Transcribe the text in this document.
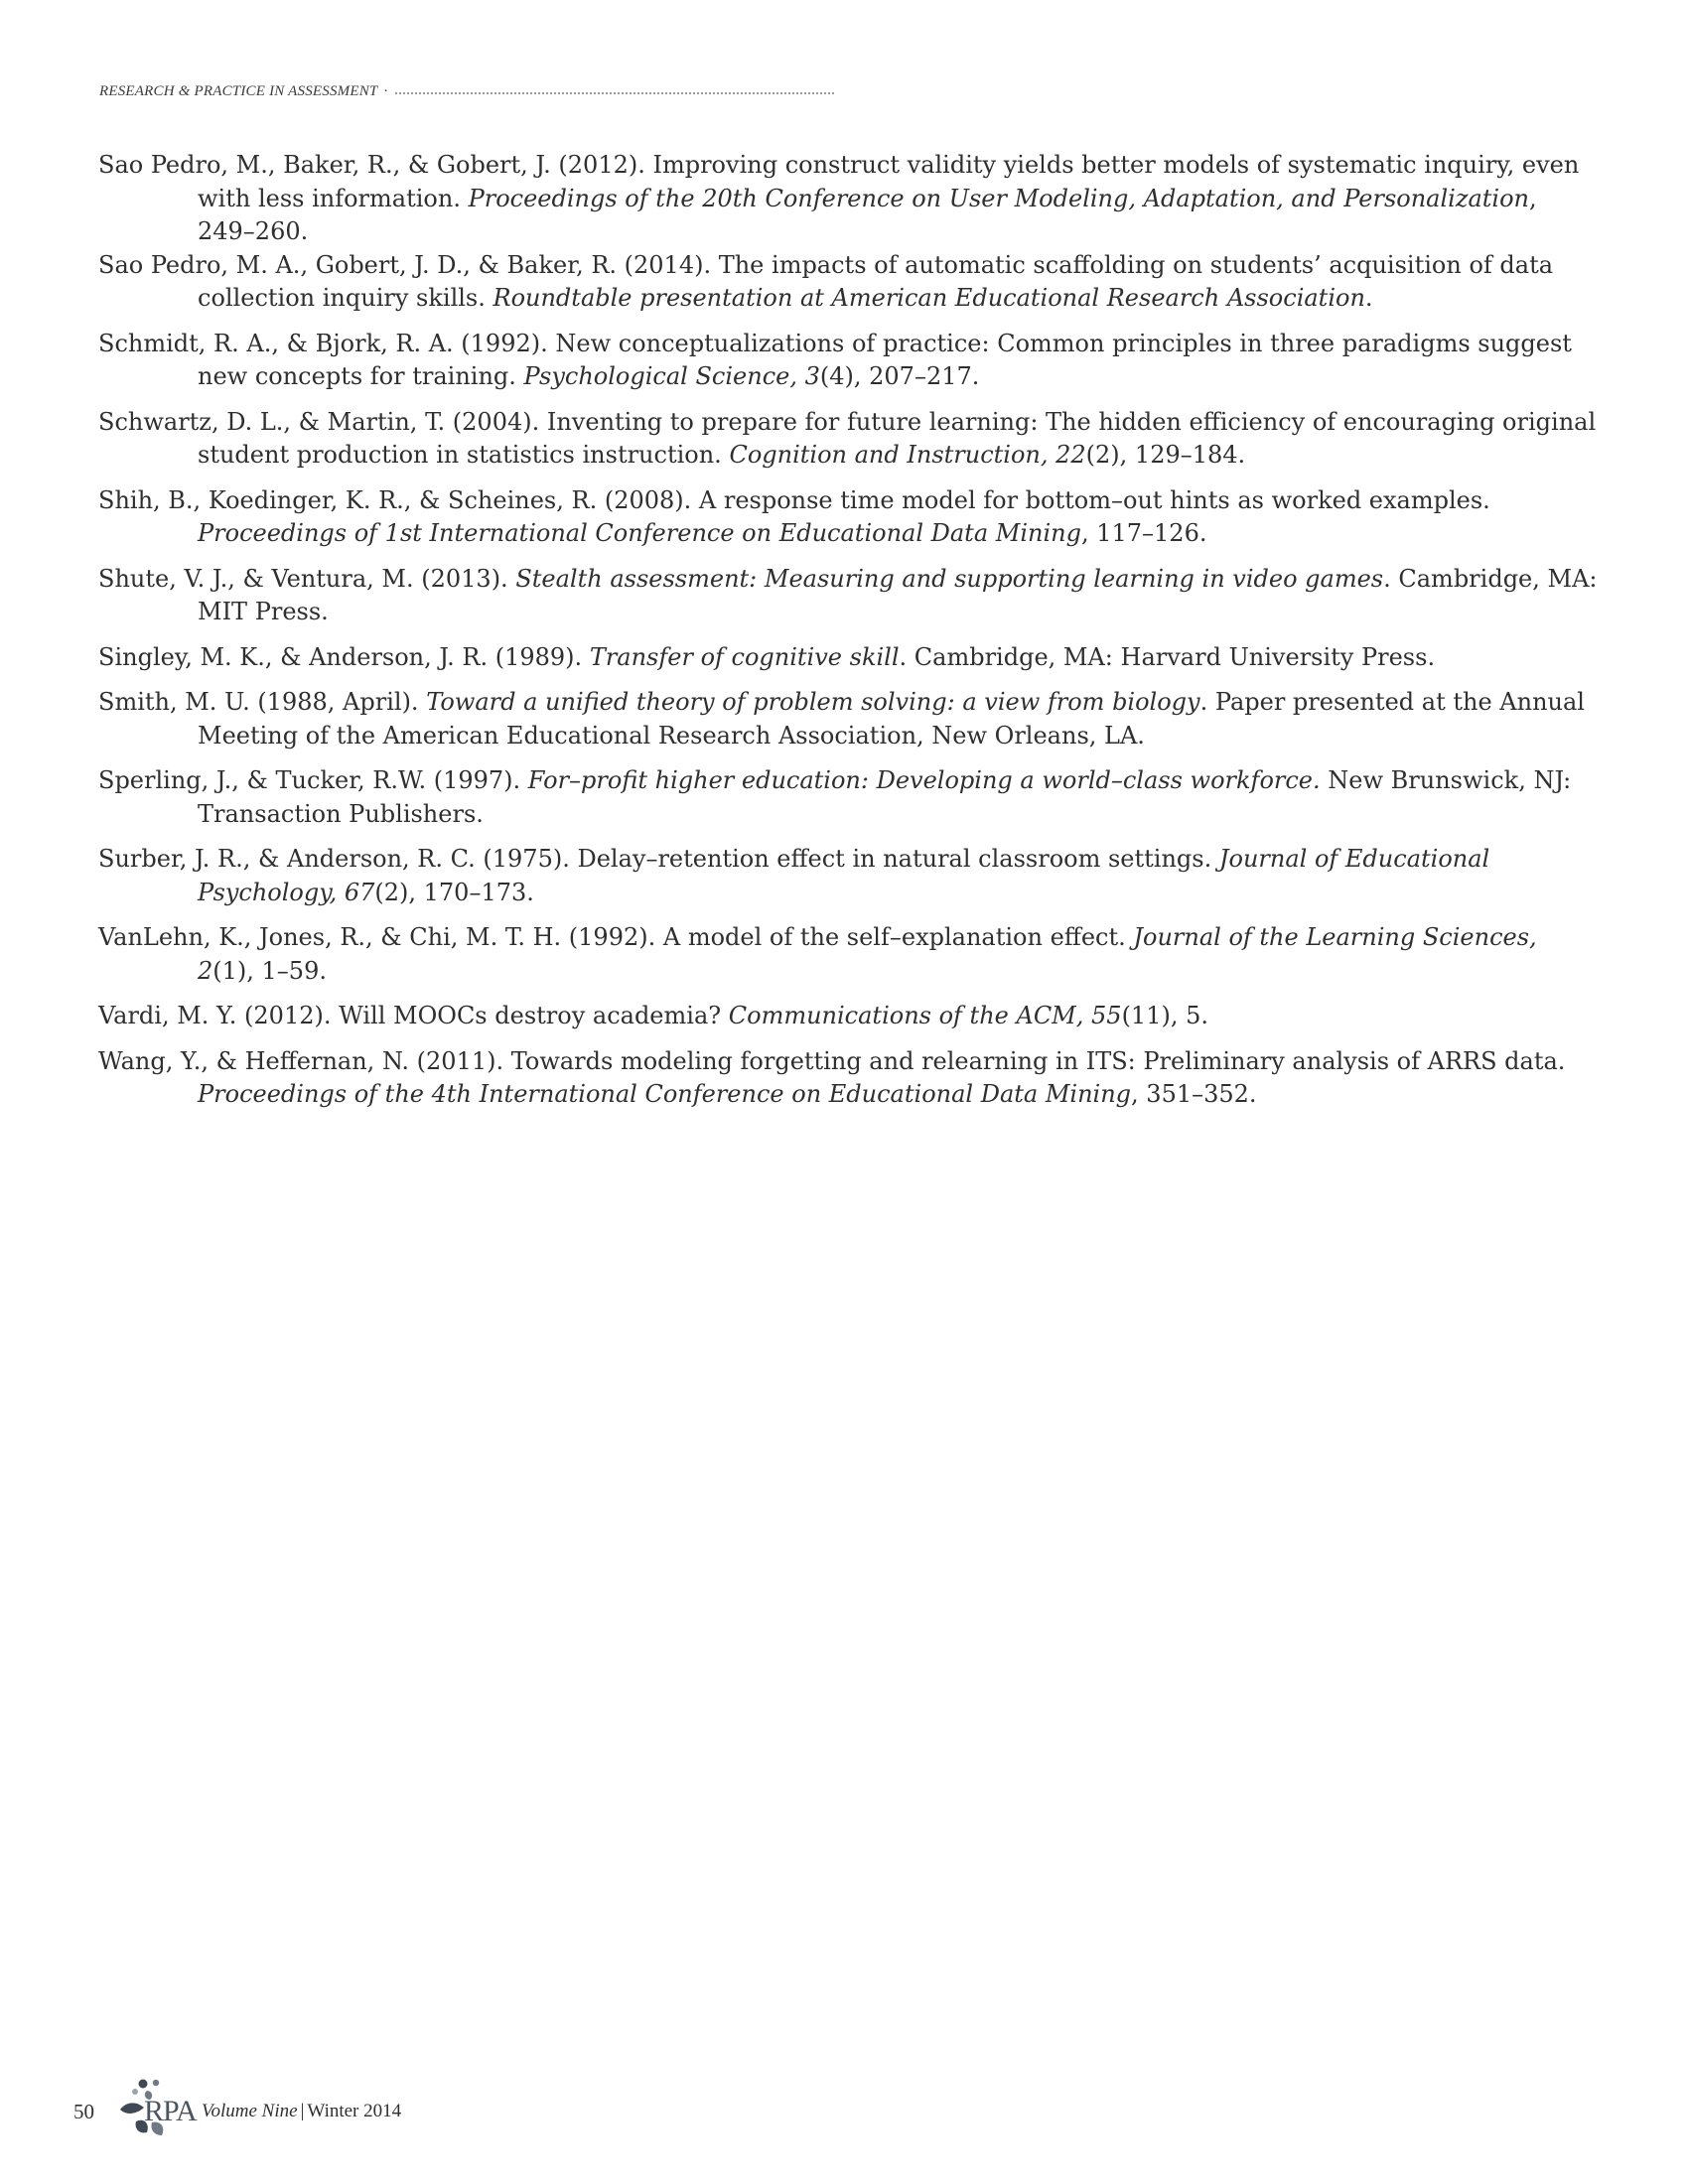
RESEARCH & PRACTICE IN ASSESSMENT ·
Sao Pedro, M., Baker, R., & Gobert, J. (2012). Improving construct validity yields better models of systematic inquiry, even with less information. Proceedings of the 20th Conference on User Modeling, Adaptation, and Personalization, 249–260.
Sao Pedro, M. A., Gobert, J. D., & Baker, R. (2014). The impacts of automatic scaffolding on students’ acquisition of data collection inquiry skills. Roundtable presentation at American Educational Research Association.
Schmidt, R. A., & Bjork, R. A. (1992). New conceptualizations of practice: Common principles in three paradigms suggest new concepts for training. Psychological Science, 3(4), 207–217.
Schwartz, D. L., & Martin, T. (2004). Inventing to prepare for future learning: The hidden efficiency of encouraging original student production in statistics instruction. Cognition and Instruction, 22(2), 129–184.
Shih, B., Koedinger, K. R., & Scheines, R. (2008). A response time model for bottom–out hints as worked examples. Proceedings of 1st International Conference on Educational Data Mining, 117–126.
Shute, V. J., & Ventura, M. (2013). Stealth assessment: Measuring and supporting learning in video games. Cambridge, MA: MIT Press.
Singley, M. K., & Anderson, J. R. (1989). Transfer of cognitive skill. Cambridge, MA: Harvard University Press.
Smith, M. U. (1988, April). Toward a unified theory of problem solving: a view from biology. Paper presented at the Annual Meeting of the American Educational Research Association, New Orleans, LA.
Sperling, J., & Tucker, R.W. (1997). For–profit higher education: Developing a world–class workforce. New Brunswick, NJ: Transaction Publishers.
Surber, J. R., & Anderson, R. C. (1975). Delay–retention effect in natural classroom settings. Journal of Educational Psychology, 67(2), 170–173.
VanLehn, K., Jones, R., & Chi, M. T. H. (1992). A model of the self–explanation effect. Journal of the Learning Sciences, 2(1), 1–59.
Vardi, M. Y. (2012). Will MOOCs destroy academia? Communications of the ACM, 55(11), 5.
Wang, Y., & Heffernan, N. (2011). Towards modeling forgetting and relearning in ITS: Preliminary analysis of ARRS data. Proceedings of the 4th International Conference on Educational Data Mining, 351–352.
50 RPA Volume Nine | Winter 2014
